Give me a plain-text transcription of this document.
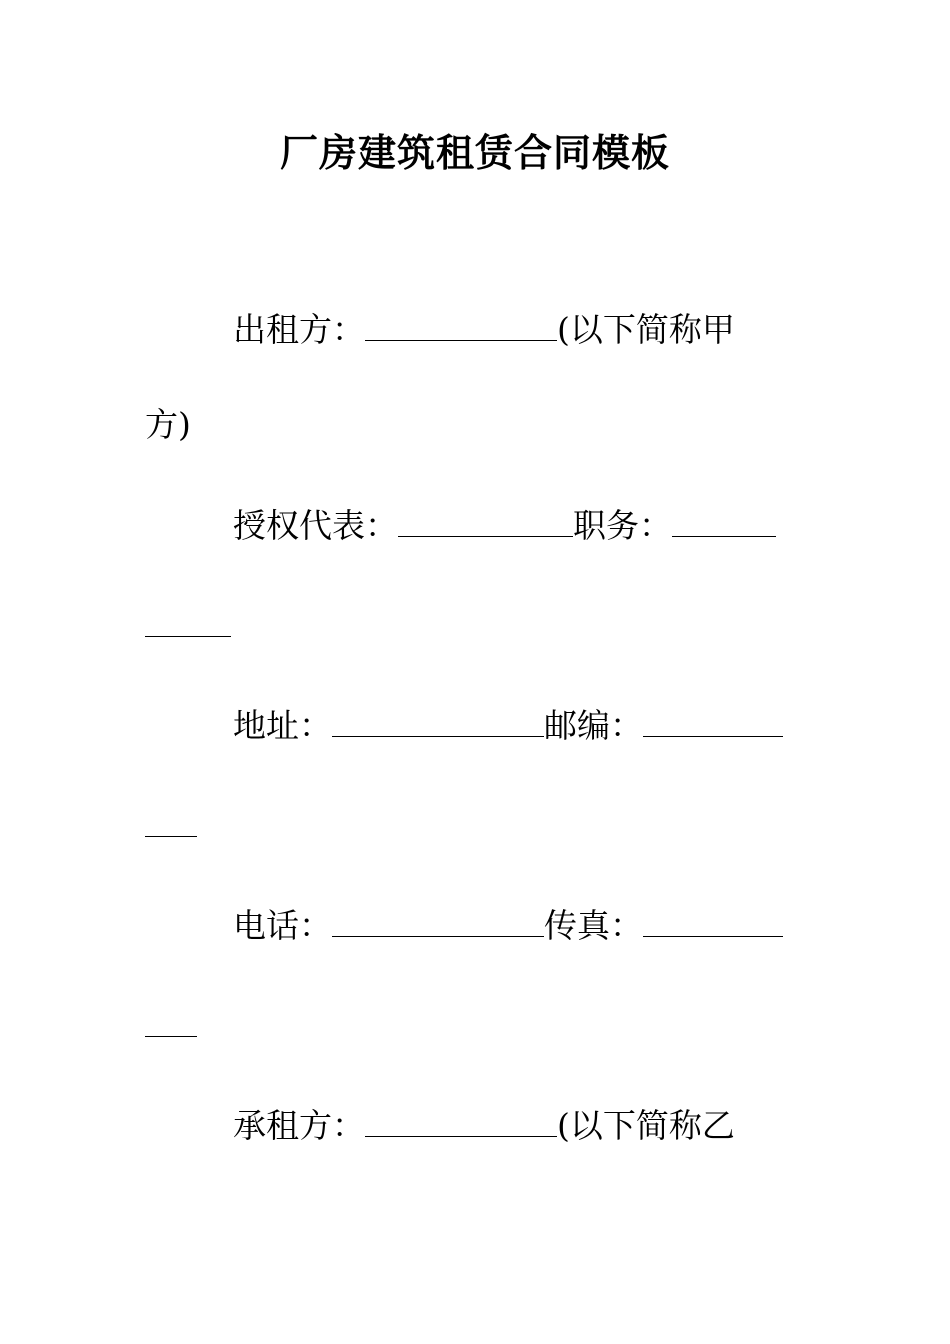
厂房建筑租赁合同模板
出租方：	(以下简称甲
方)
授权代表：	职务：
地址：	邮编：
电话：	传真：
承租方：	(以下简称乙
